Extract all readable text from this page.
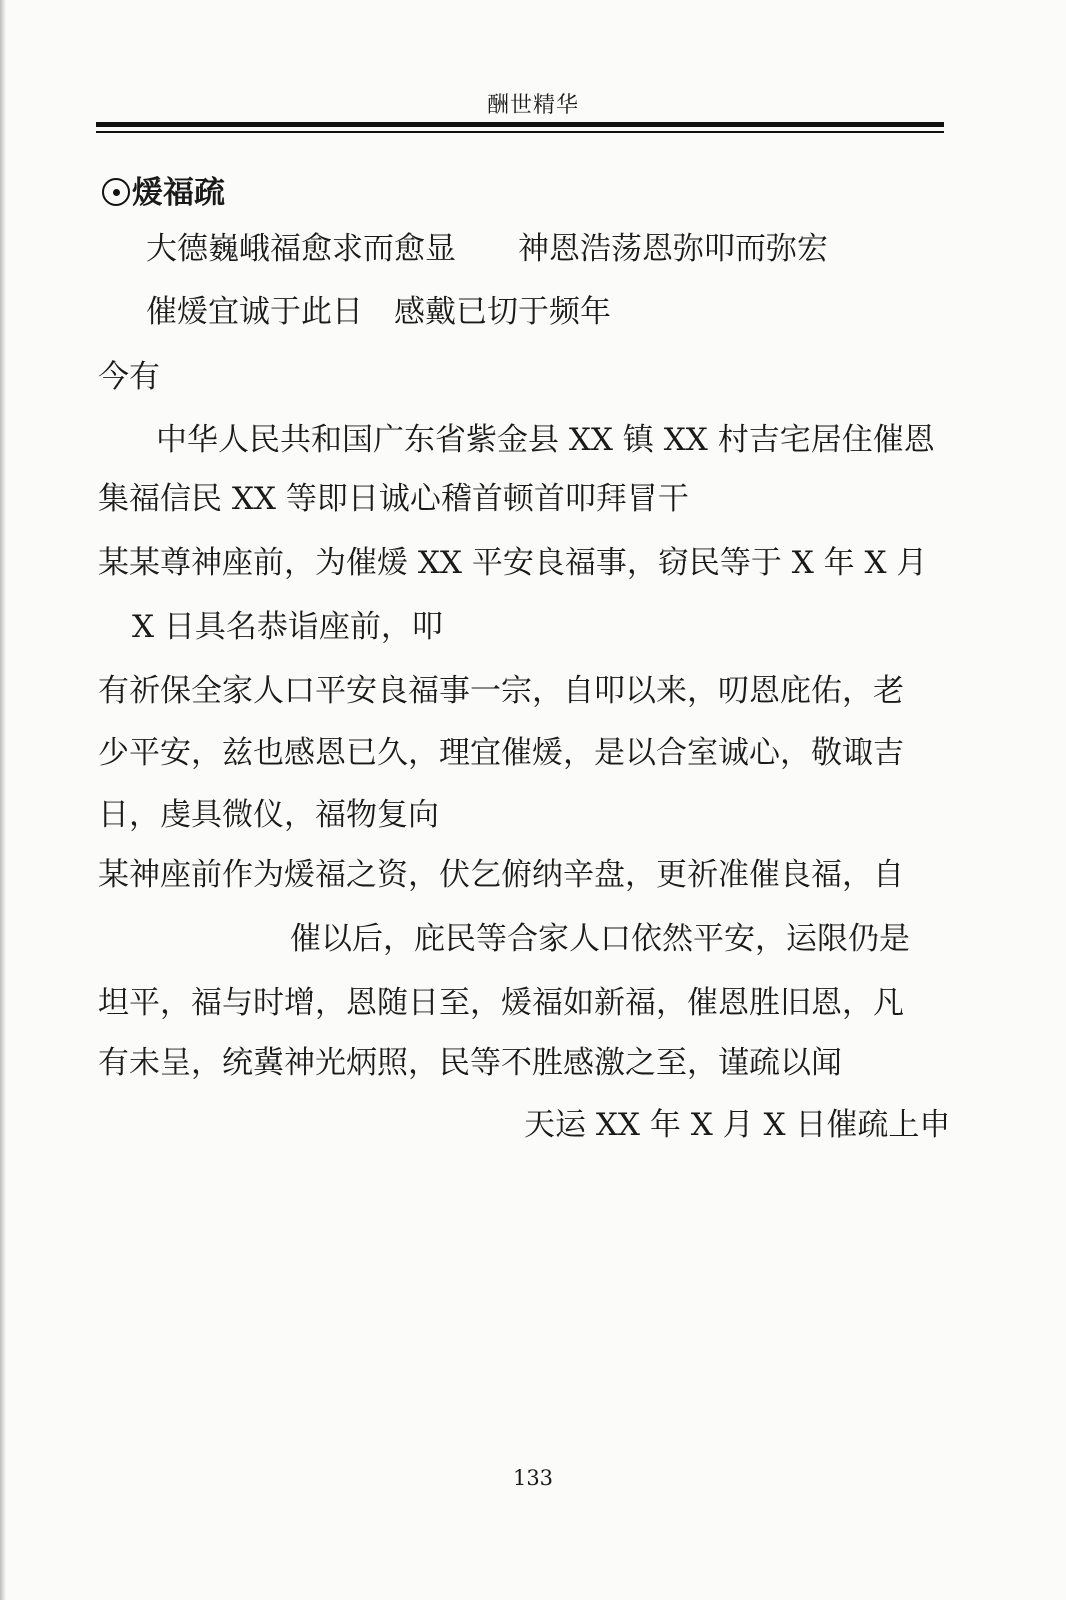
酬世精华
煖福疏
大德巍峨福愈求而愈显　　神恩浩荡恩弥叩而弥宏
催煖宜诚于此日　感戴已切于频年
今有
中华人民共和国广东省紫金县 XX 镇 XX 村吉宅居住催恩
集福信民 XX 等即日诚心稽首顿首叩拜冒干
某某尊神座前，为催煖 XX 平安良福事，窃民等于 X 年 X 月
X 日具名恭诣座前，叩
有祈保全家人口平安良福事一宗，自叩以来，叨恩庇佑，老
少平安，兹也感恩已久，理宜催煖，是以合室诚心，敬诹吉
日，虔具微仪，福物复向
某神座前作为煖福之资，伏乞俯纳辛盘，更祈准催良福，自
催以后，庇民等合家人口依然平安，运限仍是
坦平，福与时增，恩随日至，煖福如新福，催恩胜旧恩，凡
有未呈，统冀神光炳照，民等不胜感激之至，谨疏以闻
天运 XX 年 X 月 X 日催疏上申
133
